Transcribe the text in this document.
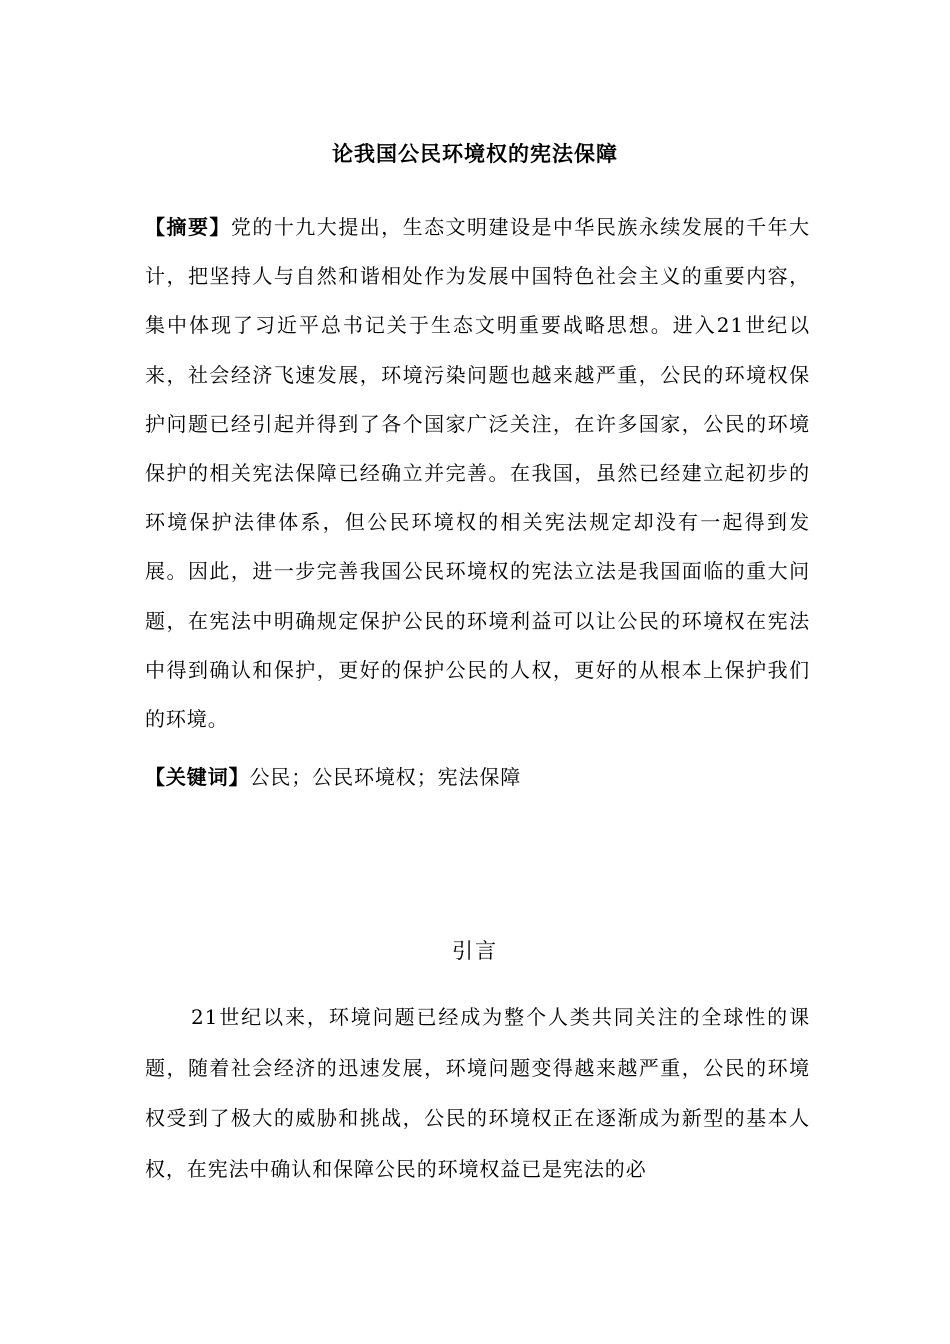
论我国公民环境权的宪法保障

【摘要】党的十九大提出，生态文明建设是中华民族永续发展的千年大计，把坚持人与自然和谐相处作为发展中国特色社会主义的重要内容，集中体现了习近平总书记关于生态文明重要战略思想。进入21世纪以来，社会经济飞速发展，环境污染问题也越来越严重，公民的环境权保护问题已经引起并得到了各个国家广泛关注，在许多国家，公民的环境保护的相关宪法保障已经确立并完善。在我国，虽然已经建立起初步的环境保护法律体系，但公民环境权的相关宪法规定却没有一起得到发展。因此，进一步完善我国公民环境权的宪法立法是我国面临的重大问题，在宪法中明确规定保护公民的环境利益可以让公民的环境权在宪法中得到确认和保护，更好的保护公民的人权，更好的从根本上保护我们的环境。

【关键词】公民；公民环境权；宪法保障

引言

21世纪以来，环境问题已经成为整个人类共同关注的全球性的课题，随着社会经济的迅速发展，环境问题变得越来越严重，公民的环境权受到了极大的威胁和挑战，公民的环境权正在逐渐成为新型的基本人权，在宪法中确认和保障公民的环境权益已是宪法的必
